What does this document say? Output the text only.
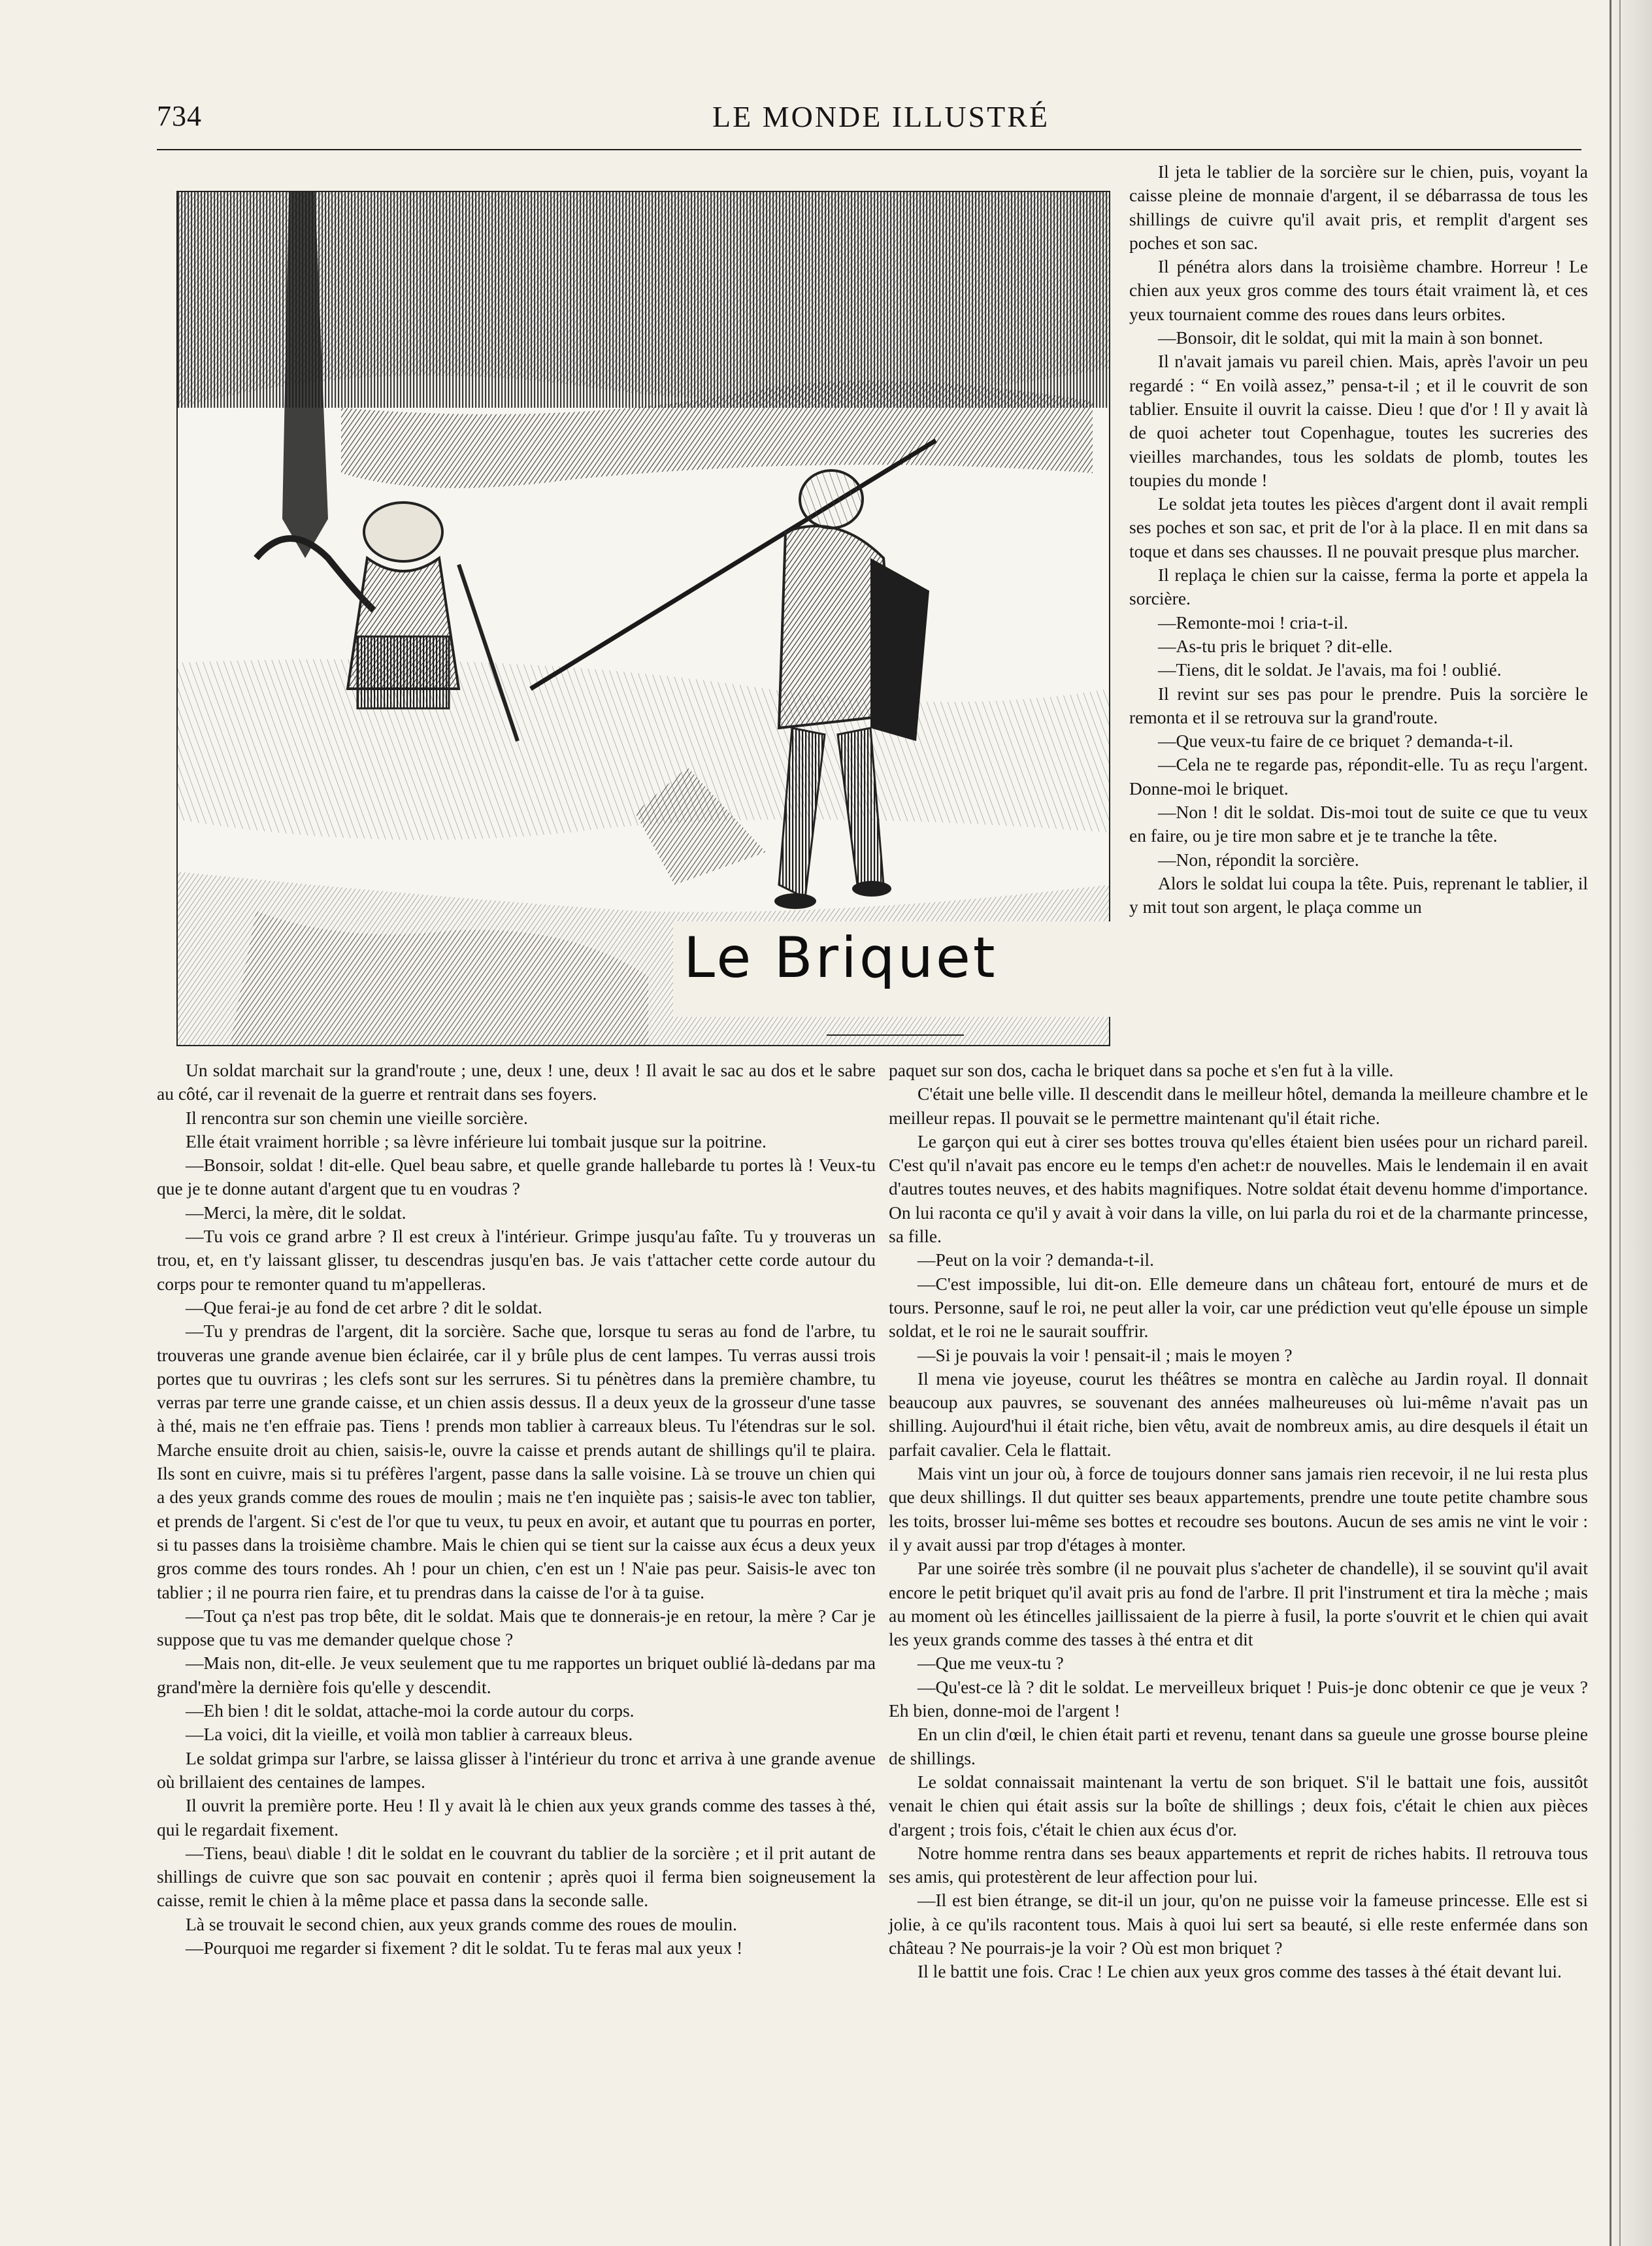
734	LE MONDE ILLUSTRÉ
Le Briquet

Il jeta le tablier de la sorcière sur le chien, puis, voyant la caisse pleine de monnaie d'argent, il se débarrassa de tous les shillings de cuivre qu'il avait pris, et remplit d'argent ses poches et son sac.

Il pénétra alors dans la troisième chambre. Horreur ! Le chien aux yeux gros comme des tours était vraiment là, et ces yeux tournaient comme des roues dans leurs orbites.

—Bonsoir, dit le soldat, qui mit la main à son bonnet.

Il n'avait jamais vu pareil chien. Mais, après l'avoir un peu regardé : “ En voilà assez,” pensa-t-il ; et il le couvrit de son tablier. Ensuite il ouvrit la caisse. Dieu ! que d'or ! Il y avait là de quoi acheter tout Copenhague, toutes les sucreries des vieilles marchandes, tous les soldats de plomb, toutes les toupies du monde !

Le soldat jeta toutes les pièces d'argent dont il avait rempli ses poches et son sac, et prit de l'or à la place. Il en mit dans sa toque et dans ses chausses. Il ne pouvait presque plus marcher.

Il replaça le chien sur la caisse, ferma la porte et appela la sorcière.

—Remonte-moi ! cria-t-il.

—As-tu pris le briquet ? dit-elle.

—Tiens, dit le soldat. Je l'avais, ma foi ! oublié.

Il revint sur ses pas pour le prendre. Puis la sorcière le remonta et il se retrouva sur la grand'route.

—Que veux-tu faire de ce briquet ? demanda-t-il.

—Cela ne te regarde pas, répondit-elle. Tu as reçu l'argent. Donne-moi le briquet.

—Non ! dit le soldat. Dis-moi tout de suite ce que tu veux en faire, ou je tire mon sabre et je te tranche la tête.

—Non, répondit la sorcière.

Alors le soldat lui coupa la tête. Puis, reprenant le tablier, il y mit tout son argent, le plaça comme un

Un soldat marchait sur la grand'route ; une, deux ! une, deux ! Il avait le sac au dos et le sabre au côté, car il revenait de la guerre et rentrait dans ses foyers.

Il rencontra sur son chemin une vieille sorcière.

Elle était vraiment horrible ; sa lèvre inférieure lui tombait jusque sur la poitrine.

—Bonsoir, soldat ! dit-elle. Quel beau sabre, et quelle grande hallebarde tu portes là ! Veux-tu que je te donne autant d'argent que tu en voudras ?

—Merci, la mère, dit le soldat.

—Tu vois ce grand arbre ? Il est creux à l'intérieur. Grimpe jusqu'au faîte. Tu y trouveras un trou, et, en t'y laissant glisser, tu descendras jusqu'en bas. Je vais t'attacher cette corde autour du corps pour te remonter quand tu m'appelleras.

—Que ferai-je au fond de cet arbre ? dit le soldat.

—Tu y prendras de l'argent, dit la sorcière. Sache que, lorsque tu seras au fond de l'arbre, tu trouveras une grande avenue bien éclairée, car il y brûle plus de cent lampes. Tu verras aussi trois portes que tu ouvriras ; les clefs sont sur les serrures. Si tu pénètres dans la première chambre, tu verras par terre une grande caisse, et un chien assis dessus. Il a deux yeux de la grosseur d'une tasse à thé, mais ne t'en effraie pas. Tiens ! prends mon tablier à carreaux bleus. Tu l'étendras sur le sol. Marche ensuite droit au chien, saisis-le, ouvre la caisse et prends autant de shillings qu'il te plaira. Ils sont en cuivre, mais si tu préfères l'argent, passe dans la salle voisine. Là se trouve un chien qui a des yeux grands comme des roues de moulin ; mais ne t'en inquiète pas ; saisis-le avec ton tablier, et prends de l'argent. Si c'est de l'or que tu veux, tu peux en avoir, et autant que tu pourras en porter, si tu passes dans la troisième chambre. Mais le chien qui se tient sur la caisse aux écus a deux yeux gros comme des tours rondes. Ah ! pour un chien, c'en est un ! N'aie pas peur. Saisis-le avec ton tablier ; il ne pourra rien faire, et tu prendras dans la caisse de l'or à ta guise.

—Tout ça n'est pas trop bête, dit le soldat. Mais que te donnerais-je en retour, la mère ? Car je suppose que tu vas me demander quelque chose ?

—Mais non, dit-elle. Je veux seulement que tu me rapportes un briquet oublié là-dedans par ma grand'mère la dernière fois qu'elle y descendit.

—Eh bien ! dit le soldat, attache-moi la corde autour du corps.

—La voici, dit la vieille, et voilà mon tablier à carreaux bleus.

Le soldat grimpa sur l'arbre, se laissa glisser à l'intérieur du tronc et arriva à une grande avenue où brillaient des centaines de lampes.

Il ouvrit la première porte. Heu ! Il y avait là le chien aux yeux grands comme des tasses à thé, qui le regardait fixement.

—Tiens, beau\ diable ! dit le soldat en le couvrant du tablier de la sorcière ; et il prit autant de shillings de cuivre que son sac pouvait en contenir ; après quoi il ferma bien soigneusement la caisse, remit le chien à la même place et passa dans la seconde salle.

Là se trouvait le second chien, aux yeux grands comme des roues de moulin.

—Pourquoi me regarder si fixement ? dit le soldat. Tu te feras mal aux yeux !

paquet sur son dos, cacha le briquet dans sa poche et s'en fut à la ville.

C'était une belle ville. Il descendit dans le meilleur hôtel, demanda la meilleure chambre et le meilleur repas. Il pouvait se le permettre maintenant qu'il était riche.

Le garçon qui eut à cirer ses bottes trouva qu'elles étaient bien usées pour un richard pareil. C'est qu'il n'avait pas encore eu le temps d'en achet:r de nouvelles. Mais le lendemain il en avait d'autres toutes neuves, et des habits magnifiques. Notre soldat était devenu homme d'importance. On lui raconta ce qu'il y avait à voir dans la ville, on lui parla du roi et de la charmante princesse, sa fille.

—Peut on la voir ? demanda-t-il.

—C'est impossible, lui dit-on. Elle demeure dans un château fort, entouré de murs et de tours. Personne, sauf le roi, ne peut aller la voir, car une prédiction veut qu'elle épouse un simple soldat, et le roi ne le saurait souffrir.

—Si je pouvais la voir ! pensait-il ; mais le moyen ?

Il mena vie joyeuse, courut les théâtres se montra en calèche au Jardin royal. Il donnait beaucoup aux pauvres, se souvenant des années malheureuses où lui-même n'avait pas un shilling. Aujourd'hui il était riche, bien vêtu, avait de nombreux amis, au dire desquels il était un parfait cavalier. Cela le flattait.

Mais vint un jour où, à force de toujours donner sans jamais rien recevoir, il ne lui resta plus que deux shillings. Il dut quitter ses beaux appartements, prendre une toute petite chambre sous les toits, brosser lui-même ses bottes et recoudre ses boutons. Aucun de ses amis ne vint le voir : il y avait aussi par trop d'étages à monter.

Par une soirée très sombre (il ne pouvait plus s'acheter de chandelle), il se souvint qu'il avait encore le petit briquet qu'il avait pris au fond de l'arbre. Il prit l'instrument et tira la mèche ; mais au moment où les étincelles jaillissaient de la pierre à fusil, la porte s'ouvrit et le chien qui avait les yeux grands comme des tasses à thé entra et dit

—Que me veux-tu ?

—Qu'est-ce là ? dit le soldat. Le merveilleux briquet ! Puis-je donc obtenir ce que je veux ? Eh bien, donne-moi de l'argent !

En un clin d'œil, le chien était parti et revenu, tenant dans sa gueule une grosse bourse pleine de shillings.

Le soldat connaissait maintenant la vertu de son briquet. S'il le battait une fois, aussitôt venait le chien qui était assis sur la boîte de shillings ; deux fois, c'était le chien aux pièces d'argent ; trois fois, c'était le chien aux écus d'or.

Notre homme rentra dans ses beaux appartements et reprit de riches habits. Il retrouva tous ses amis, qui protestèrent de leur affection pour lui.

—Il est bien étrange, se dit-il un jour, qu'on ne puisse voir la fameuse princesse. Elle est si jolie, à ce qu'ils racontent tous. Mais à quoi lui sert sa beauté, si elle reste enfermée dans son château ? Ne pourrais-je la voir ? Où est mon briquet ?

Il le battit une fois. Crac ! Le chien aux yeux gros comme des tasses à thé était devant lui.
